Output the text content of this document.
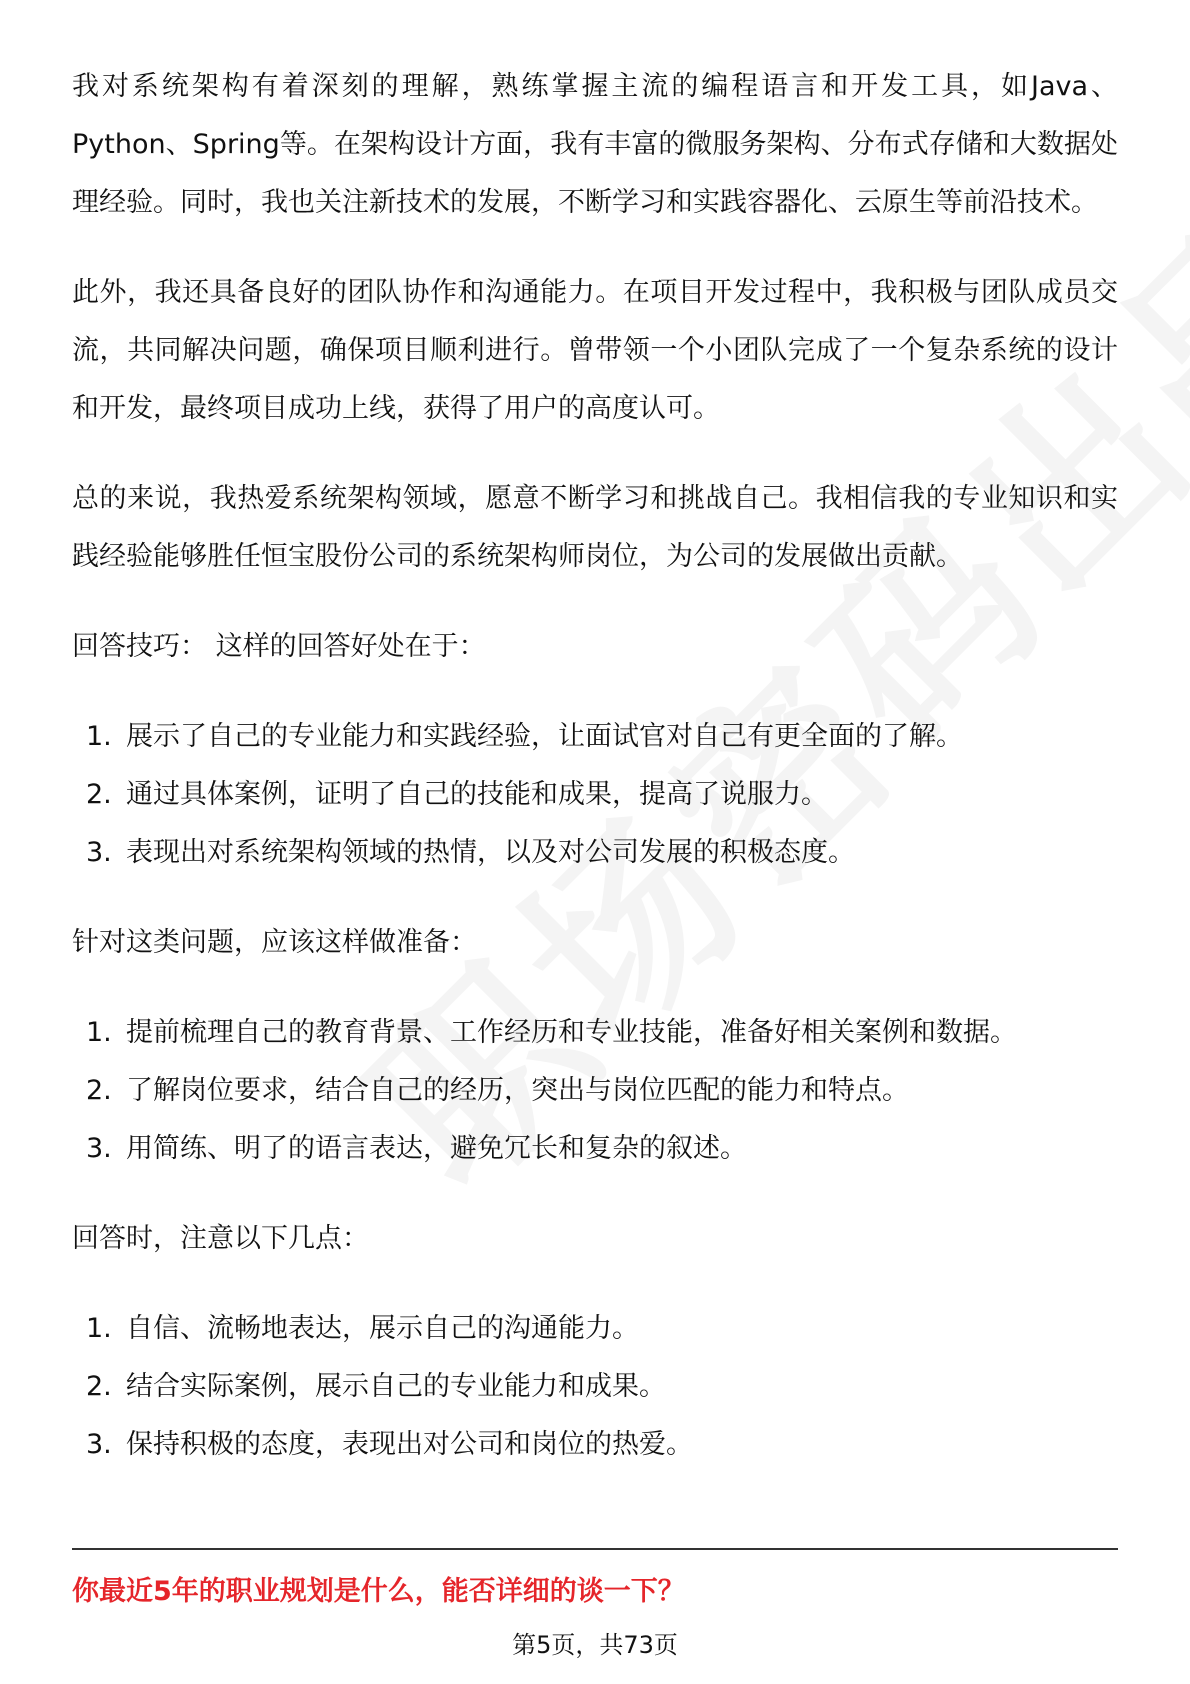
我对系统架构有着深刻的理解，熟练掌握主流的编程语言和开发工具，如Java、Python、Spring等。在架构设计方面，我有丰富的微服务架构、分布式存储和大数据处理经验。同时，我也关注新技术的发展，不断学习和实践容器化、云原生等前沿技术。

此外，我还具备良好的团队协作和沟通能力。在项目开发过程中，我积极与团队成员交流，共同解决问题，确保项目顺利进行。曾带领一个小团队完成了一个复杂系统的设计和开发，最终项目成功上线，获得了用户的高度认可。

总的来说，我热爱系统架构领域，愿意不断学习和挑战自己。我相信我的专业知识和实践经验能够胜任恒宝股份公司的系统架构师岗位，为公司的发展做出贡献。

回答技巧： 这样的回答好处在于：
1. 展示了自己的专业能力和实践经验，让面试官对自己有更全面的了解。
2. 通过具体案例，证明了自己的技能和成果，提高了说服力。
3. 表现出对系统架构领域的热情，以及对公司发展的积极态度。
针对这类问题，应该这样做准备：
1. 提前梳理自己的教育背景、工作经历和专业技能，准备好相关案例和数据。
2. 了解岗位要求，结合自己的经历，突出与岗位匹配的能力和特点。
3. 用简练、明了的语言表达，避免冗长和复杂的叙述。
回答时，注意以下几点：
1. 自信、流畅地表达，展示自己的沟通能力。
2. 结合实际案例，展示自己的专业能力和成果。
3. 保持积极的态度，表现出对公司和岗位的热爱。
你最近5年的职业规划是什么，能否详细的谈一下？
第5页，共73页
